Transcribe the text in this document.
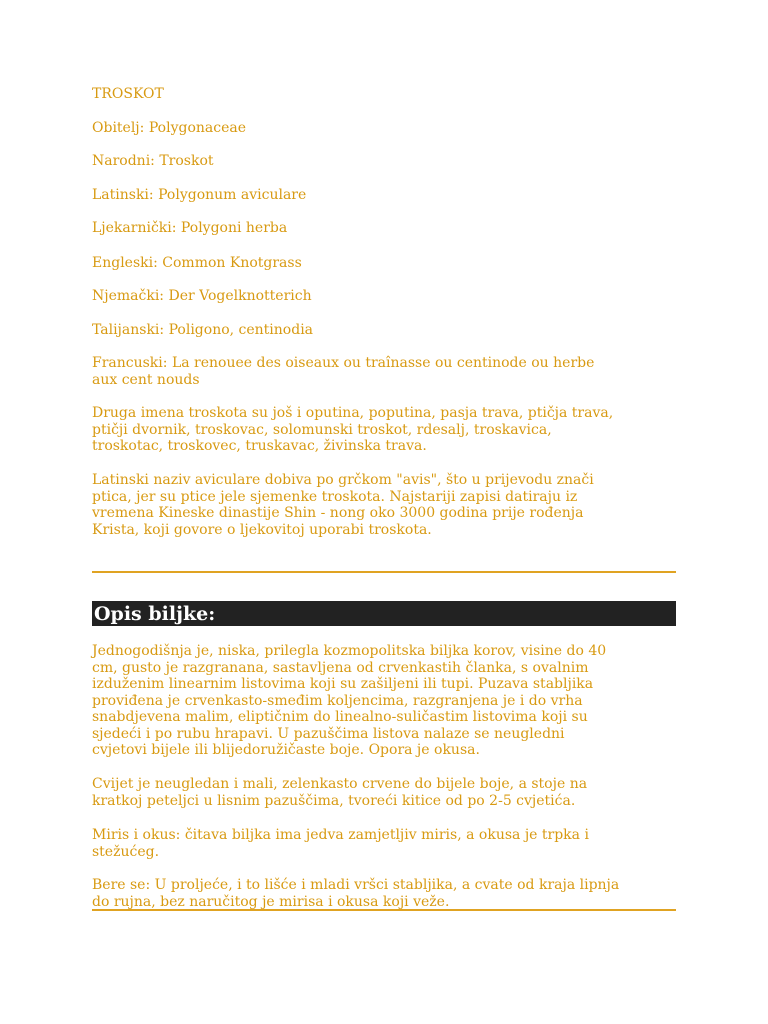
TROSKOT

Obitelj: Polygonaceae

Narodni: Troskot

Latinski: Polygonum aviculare

Ljekarnički: Polygoni herba

Engleski: Common Knotgrass

Njemački: Der Vogelknotterich

Talijanski: Poligono, centinodia

Francuski: La renouee des oiseaux ou traînasse ou centinode ou herbe
aux cent nouds

Druga imena troskota su još i oputina, poputina, pasja trava, ptičja trava,
ptičji dvornik, troskovac, solomunski troskot, rdesalj, troskavica,
troskotac, troskovec, truskavac, živinska trava.

Latinski naziv aviculare dobiva po grčkom "avis", što u prijevodu znači
ptica, jer su ptice jele sjemenke troskota. Najstariji zapisi datiraju iz
vremena Kineske dinastije Shin - nong oko 3000 godina prije rođenja
Krista, koji govore o ljekovitoj uporabi troskota.

Opis biljke:

Jednogodišnja je, niska, prilegla kozmopolitska biljka korov, visine do 40
cm, gusto je razgranana, sastavljena od crvenkastih članka, s ovalnim
izduženim linearnim listovima koji su zašiljeni ili tupi. Puzava stabljika
proviđena je crvenkasto-smeđim koljencima, razgranjena je i do vrha
snabdjevena malim, eliptičnim do linealno-suličastim listovima koji su
sjedeći i po rubu hrapavi. U pazuščima listova nalaze se neugledni
cvjetovi bijele ili blijedoružičaste boje. Opora je okusa.

Cvijet je neugledan i mali, zelenkasto crvene do bijele boje, a stoje na
kratkoj peteljci u lisnim pazuščima, tvoreći kitice od po 2-5 cvjetića.

Miris i okus: čitava biljka ima jedva zamjetljiv miris, a okusa je trpka i
stežućeg.

Bere se: U proljeće, i to lišće i mladi vršci stabljika, a cvate od kraja lipnja
do rujna, bez naručitog je mirisa i okusa koji veže.
